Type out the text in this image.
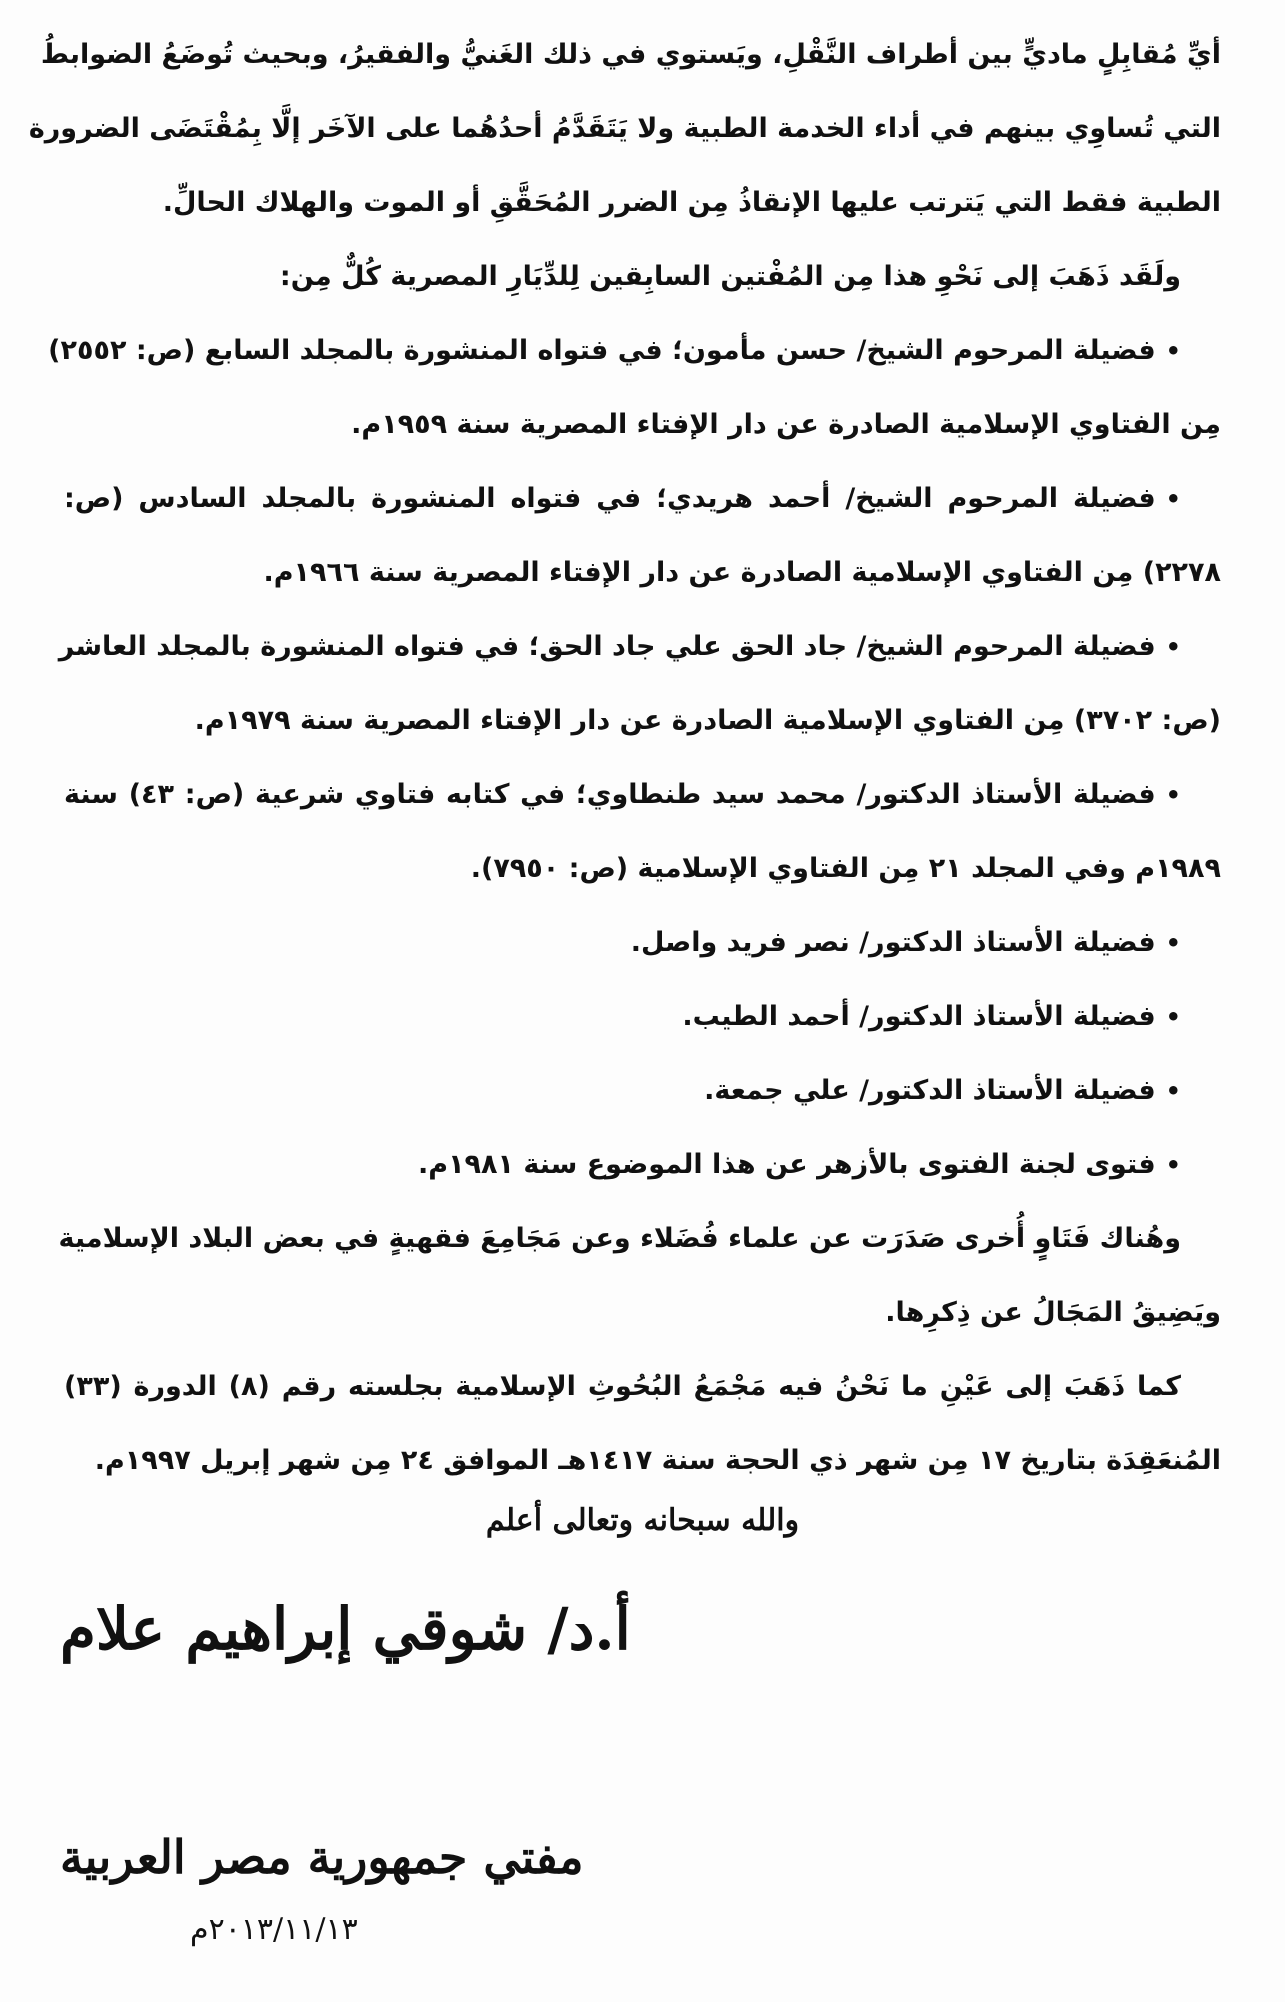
أيِّ مُقابِلٍ ماديٍّ بين أطراف النَّقْلِ، ويَستوي في ذلك الغَنيُّ والفقيرُ، وبحيث تُوضَعُ الضوابطُ
التي تُساوِي بينهم في أداء الخدمة الطبية ولا يَتَقَدَّمُ أحدُهُما على الآخَر إلَّا بِمُقْتَضَى الضرورة
الطبية فقط التي يَترتب عليها الإنقاذُ مِن الضرر المُحَقَّقِ أو الموت والهلاك الحالِّ.
ولَقَد ذَهَبَ إلى نَحْوِ هذا مِن المُفْتين السابِقين لِلدِّيَارِ المصرية كُلٌّ مِن:
•فضيلة المرحوم الشيخ/ حسن مأمون؛ في فتواه المنشورة بالمجلد السابع (ص: ٢٥٥٢)
مِن الفتاوي الإسلامية الصادرة عن دار الإفتاء المصرية سنة ١٩٥٩م.
•فضيلة المرحوم الشيخ/ أحمد هريدي؛ في فتواه المنشورة بالمجلد السادس (ص:
٢٢٧٨) مِن الفتاوي الإسلامية الصادرة عن دار الإفتاء المصرية سنة ١٩٦٦م.
•فضيلة المرحوم الشيخ/ جاد الحق علي جاد الحق؛ في فتواه المنشورة بالمجلد العاشر
(ص: ٣٧٠٢) مِن الفتاوي الإسلامية الصادرة عن دار الإفتاء المصرية سنة ١٩٧٩م.
•فضيلة الأستاذ الدكتور/ محمد سيد طنطاوي؛ في كتابه فتاوي شرعية (ص: ٤٣) سنة
١٩٨٩م وفي المجلد ٢١ مِن الفتاوي الإسلامية (ص: ٧٩٥٠).
•فضيلة الأستاذ الدكتور/ نصر فريد واصل.
•فضيلة الأستاذ الدكتور/ أحمد الطيب.
•فضيلة الأستاذ الدكتور/ علي جمعة.
•فتوى لجنة الفتوى بالأزهر عن هذا الموضوع سنة ١٩٨١م.
وهُناك فَتَاوٍ أُخرى صَدَرَت عن علماء فُضَلاء وعن مَجَامِعَ فقهيةٍ في بعض البلاد الإسلامية
ويَضِيقُ المَجَالُ عن ذِكرِها.
كما ذَهَبَ إلى عَيْنِ ما نَحْنُ فيه مَجْمَعُ البُحُوثِ الإسلامية بجلسته رقم (٨) الدورة (٣٣)
المُنعَقِدَة بتاريخ ١٧ مِن شهر ذي الحجة سنة ١٤١٧هـ الموافق ٢٤ مِن شهر إبريل ١٩٩٧م.
والله سبحانه وتعالى أعلم
أ.د/ شوقي إبراهيم علام
مفتي جمهورية مصر العربية
٢٠١٣/١١/١٣م
